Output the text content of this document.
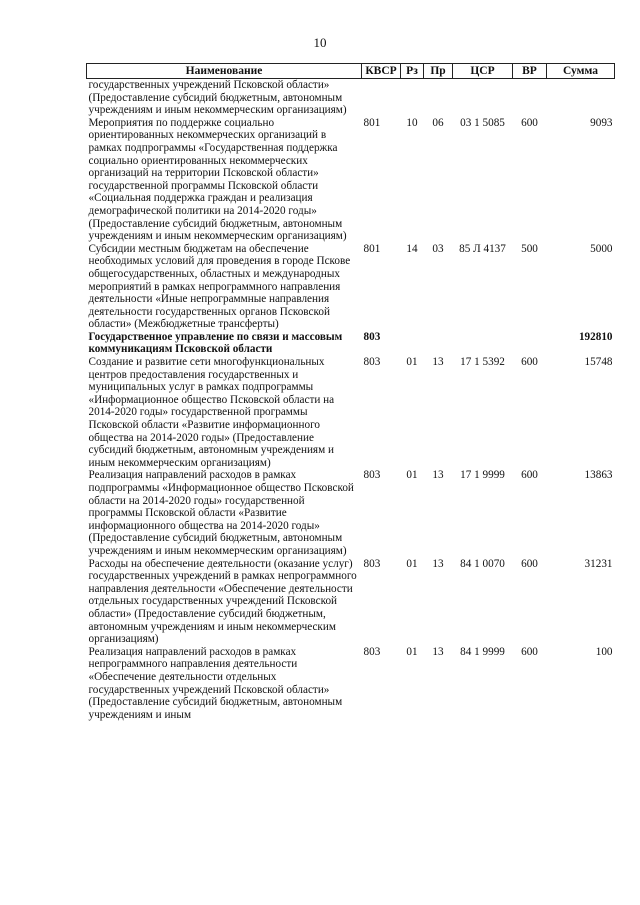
10
Наименование	КВСР	Рз	Пр	ЦСР	ВР	Сумма
государственных учреждений Псковской области» (Предоставление субсидий бюджетным, автономным учреждениям и иным некоммерческим организациям)						
Мероприятия по поддержке социально ориентированных некоммерческих организаций в рамках подпрограммы «Государственная поддержка социально ориентированных некоммерческих организаций на территории Псковской области» государственной программы Псковской области «Социальная поддержка граждан и реализация демографической политики на 2014-2020 годы» (Предоставление субсидий бюджетным, автономным учреждениям и иным некоммерческим организациям)	801	10	06	03 1 5085	600	9093
Субсидии местным бюджетам на обеспечение необходимых условий для проведения в городе Пскове общегосударственных, областных и международных мероприятий в рамках непрограммного направления деятельности «Иные непрограммные направления деятельности государственных органов Псковской области» (Межбюджетные трансферты)	801	14	03	85 Л 4137	500	5000
Государственное управление по связи и массовым коммуникациям Псковской области	803					192810
Создание и развитие сети многофункциональных центров предоставления государственных и муниципальных услуг в рамках подпрограммы «Информационное общество Псковской области на 2014-2020 годы» государственной программы Псковской области «Развитие информационного общества на 2014-2020 годы» (Предоставление субсидий бюджетным, автономным учреждениям и иным некоммерческим организациям)	803	01	13	17 1 5392	600	15748
Реализация направлений расходов в рамках подпрограммы «Информационное общество Псковской области на 2014-2020 годы» государственной программы Псковской области «Развитие информационного общества на 2014-2020 годы» (Предоставление субсидий бюджетным, автономным учреждениям и иным некоммерческим организациям)	803	01	13	17 1 9999	600	13863
Расходы на обеспечение деятельности (оказание услуг) государственных учреждений в рамках непрограммного направления деятельности «Обеспечение деятельности отдельных государственных учреждений Псковской области» (Предоставление субсидий бюджетным, автономным учреждениям и иным некоммерческим организациям)	803	01	13	84 1 0070	600	31231
Реализация направлений расходов в рамках непрограммного направления деятельности «Обеспечение деятельности отдельных государственных учреждений Псковской области» (Предоставление субсидий бюджетным, автономным учреждениям и иным	803	01	13	84 1 9999	600	100
